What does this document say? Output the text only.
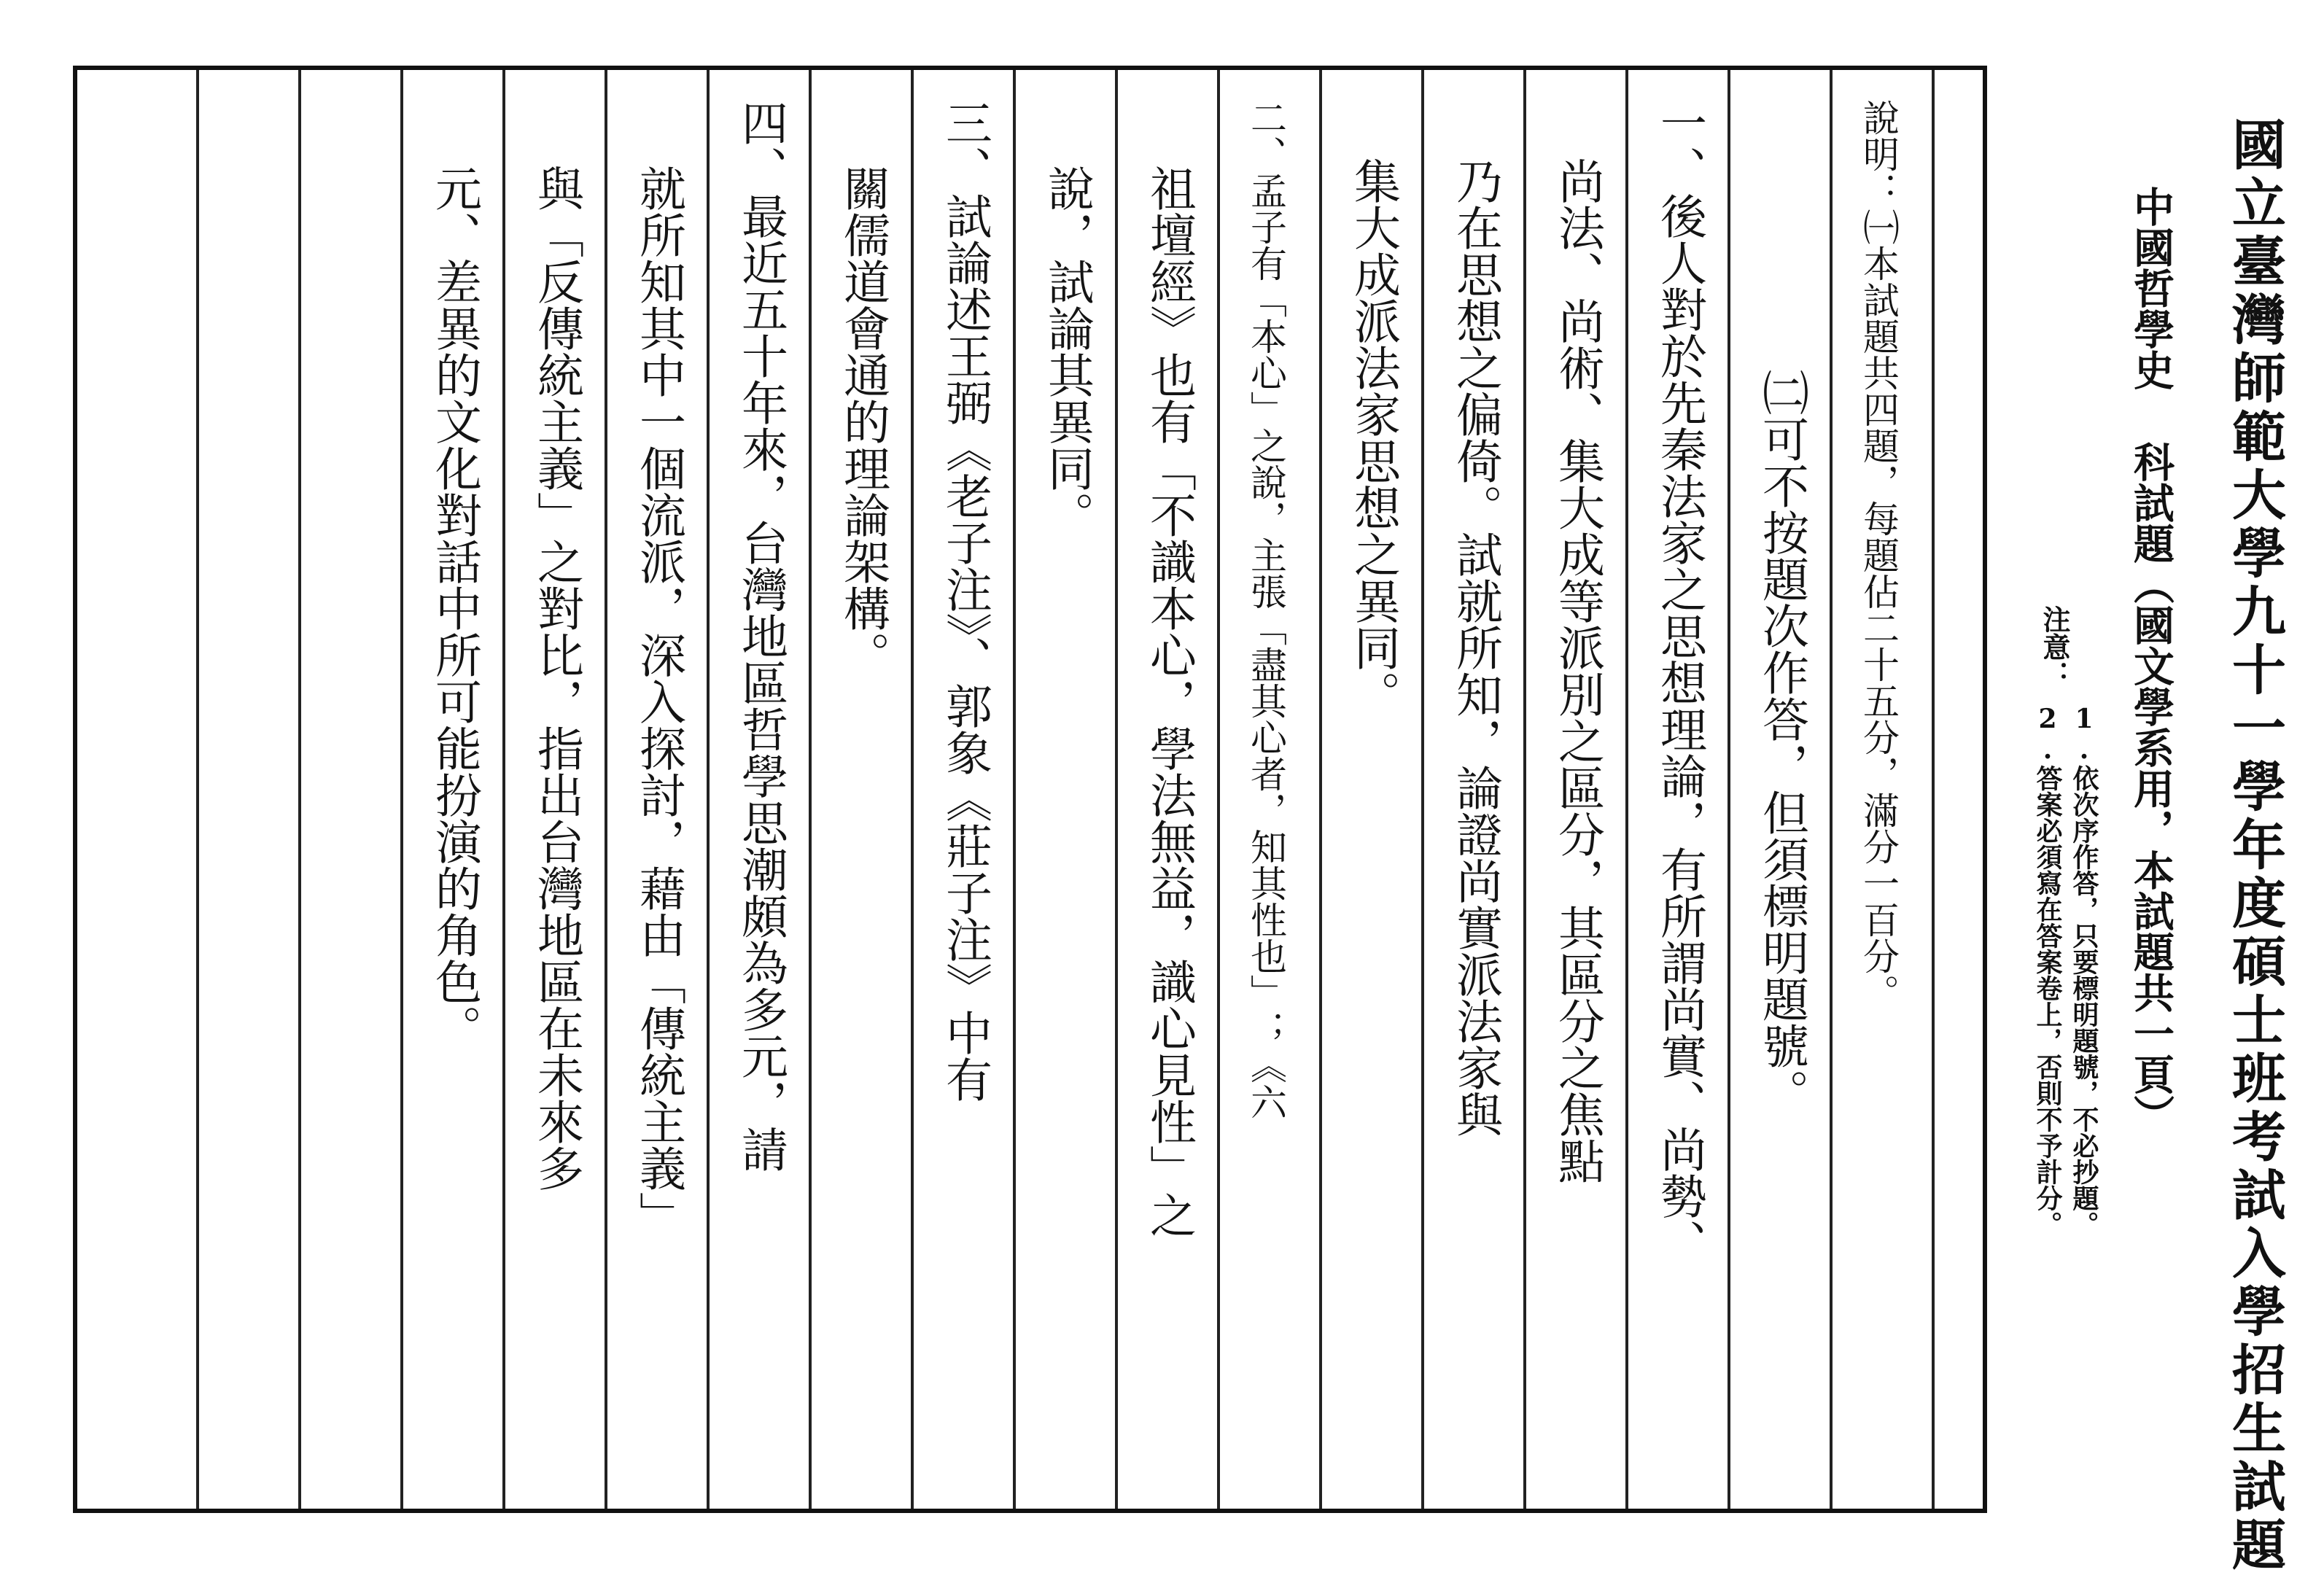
國立臺灣師範大學九十一學年度碩士班考試入學招生試題
中國哲學史科試題（國文學系用，本試題共一頁）
注意：
1.依次序作答，只要標明題號，不必抄題。
2.答案必須寫在答案卷上，否則不予計分。
說明：㈠本試題共四題，每題佔二十五分，滿分一百分。
㈡可不按題次作答，但須標明題號。
一、後人對於先秦法家之思想理論，有所謂尚實、尚勢、
尚法、尚術、集大成等派別之區分，其區分之焦點
乃在思想之偏倚。試就所知，論證尚實派法家與
集大成派法家思想之異同。
二、孟子有「本心」之說，主張「盡其心者，知其性也」；《六
祖壇經》也有「不識本心，學法無益，識心見性」之
說，試論其異同。
三、試論述王弼《老子注》、郭象《莊子注》中有
關儒道會通的理論架構。
四、最近五十年來，台灣地區哲學思潮頗為多元，請
就所知其中一個流派，深入探討，藉由「傳統主義」
與「反傳統主義」之對比，指出台灣地區在未來多
元、差異的文化對話中所可能扮演的角色。
